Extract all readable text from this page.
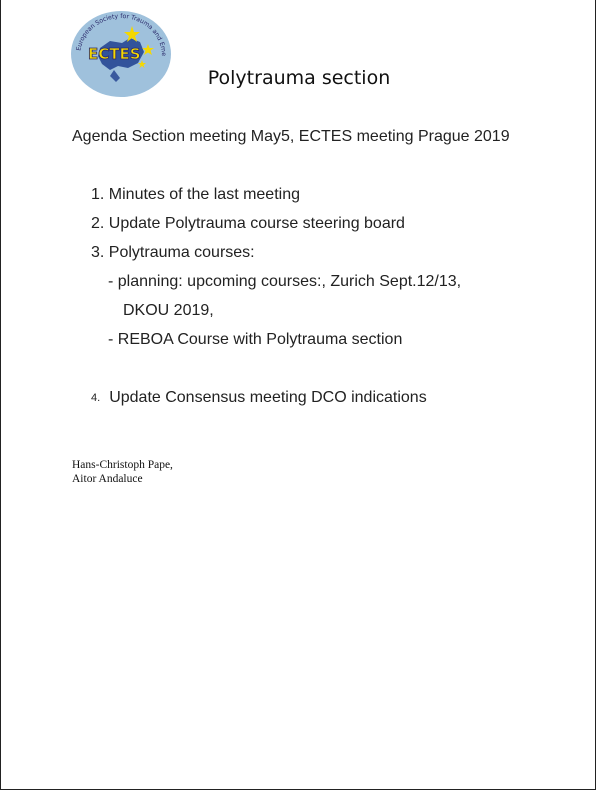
ECTES
European Society for Trauma and Eme
Polytrauma section
Agenda Section meeting May5, ECTES meeting Prague 2019
1. Minutes of the last meeting
2. Update Polytrauma course steering board
3. Polytrauma courses:
- planning: upcoming courses:, Zurich Sept.12/13,
DKOU 2019,
- REBOA Course with Polytrauma section
4. Update Consensus meeting DCO indications
Hans-Christoph Pape,
Aitor Andaluce
